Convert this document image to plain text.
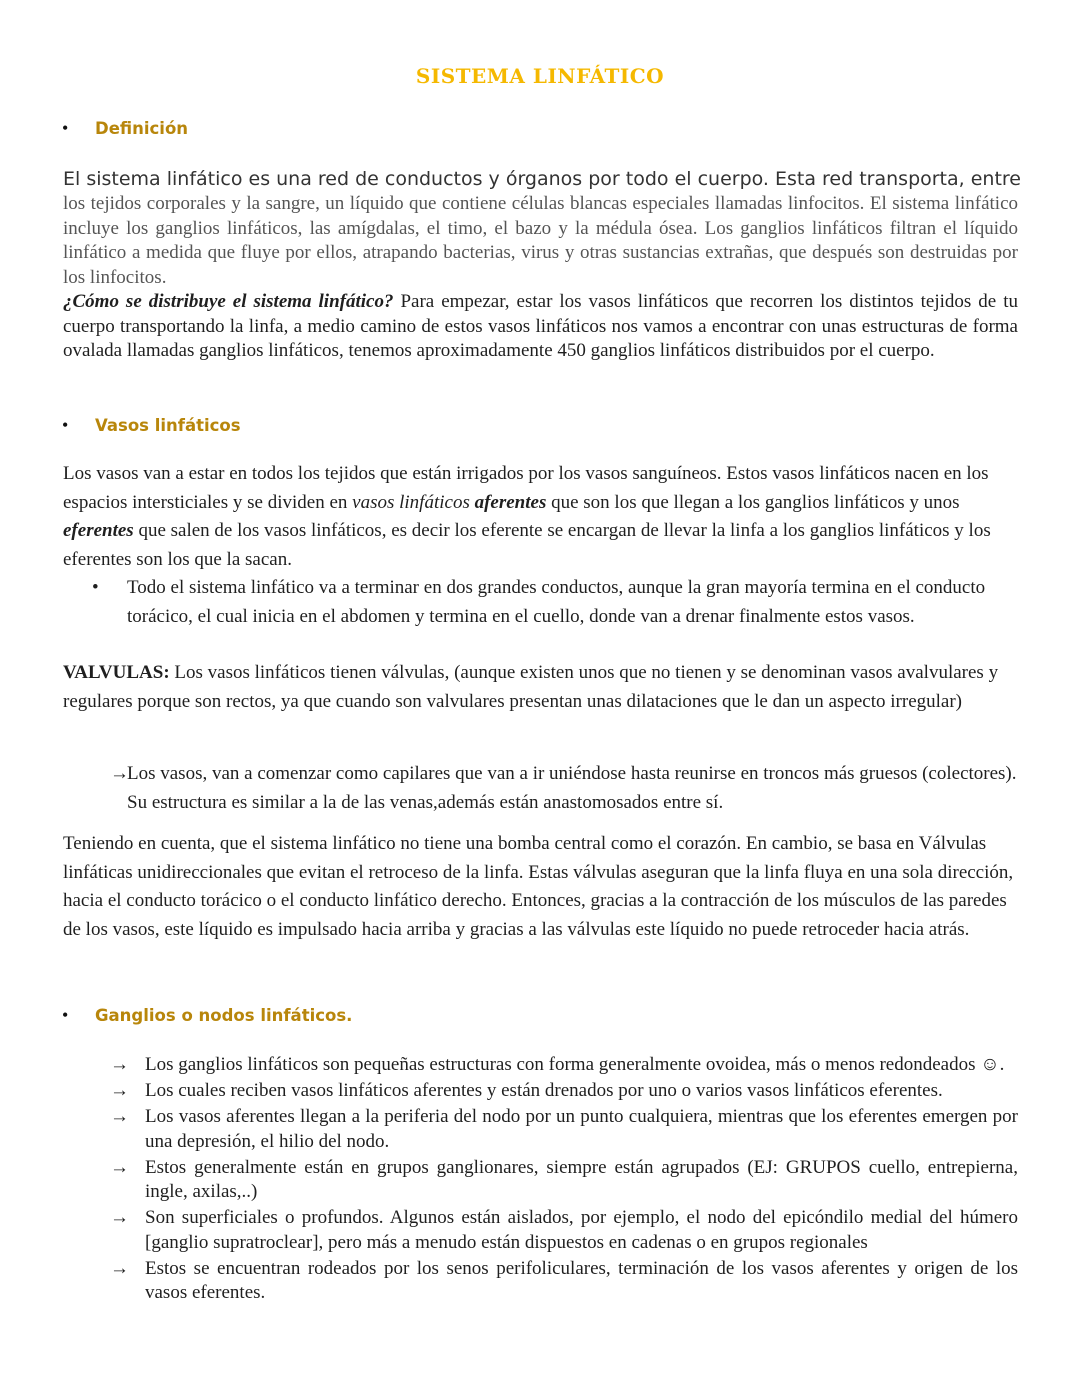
SISTEMA LINFÁTICO
•	Definición
El sistema linfático es una red de conductos y órganos por todo el cuerpo. Esta red transporta, entre
los tejidos corporales y la sangre, un líquido que contiene células blancas especiales llamadas linfocitos. El sistema linfático incluye los ganglios linfáticos, las amígdalas, el timo, el bazo y la médula ósea. Los ganglios linfáticos filtran el líquido linfático a medida que fluye por ellos, atrapando bacterias, virus y otras sustancias extrañas, que después son destruidas por los linfocitos.
¿Cómo se distribuye el sistema linfático? Para empezar, estar los vasos linfáticos que recorren los distintos tejidos de tu cuerpo transportando la linfa, a medio camino de estos vasos linfáticos nos vamos a encontrar con unas estructuras de forma ovalada llamadas ganglios linfáticos, tenemos aproximadamente 450 ganglios linfáticos distribuidos por el cuerpo.
•	Vasos linfáticos
Los vasos van a estar en todos los tejidos que están irrigados por los vasos sanguíneos. Estos vasos linfáticos nacen en los espacios intersticiales y se dividen en vasos linfáticos aferentes que son los que llegan a los ganglios linfáticos y unos eferentes que salen de los vasos linfáticos, es decir los eferente se encargan de llevar la linfa a los ganglios linfáticos y los eferentes son los que la sacan.
•	Todo el sistema linfático va a terminar en dos grandes conductos, aunque la gran mayoría termina en el conducto torácico, el cual inicia en el abdomen y termina en el cuello, donde van a drenar finalmente estos vasos.
VALVULAS: Los vasos linfáticos tienen válvulas, (aunque existen unos que no tienen y se denominan vasos avalvulares y regulares porque son rectos, ya que cuando son valvulares presentan unas dilataciones que le dan un aspecto irregular)
→
Los vasos, van a comenzar como capilares que van a ir uniéndose hasta reunirse en troncos más gruesos (colectores). Su estructura es similar a la de las venas,además están anastomosados entre sí.
Teniendo en cuenta, que el sistema linfático no tiene una bomba central como el corazón. En cambio, se basa en Válvulas linfáticas unidireccionales que evitan el retroceso de la linfa. Estas válvulas aseguran que la linfa fluya en una sola dirección, hacia el conducto torácico o el conducto linfático derecho. Entonces, gracias a la contracción de los músculos de las paredes de los vasos, este líquido es impulsado hacia arriba y gracias a las válvulas este líquido no puede retroceder hacia atrás.
•	Ganglios o nodos linfáticos.
→ Los ganglios linfáticos son pequeñas estructuras con forma generalmente ovoidea, más o menos redondeados ☺.
→ Los cuales reciben vasos linfáticos aferentes y están drenados por uno o varios vasos linfáticos eferentes.
→ Los vasos aferentes llegan a la periferia del nodo por un punto cualquiera, mientras que los eferentes emergen por una depresión, el hilio del nodo.
→ Estos generalmente están en grupos ganglionares, siempre están agrupados (EJ: GRUPOS cuello, entrepierna, ingle, axilas,..)
→ Son superficiales o profundos. Algunos están aislados, por ejemplo, el nodo del epicóndilo medial del húmero [ganglio supratroclear], pero más a menudo están dispuestos en cadenas o en grupos regionales
→ Estos se encuentran rodeados por los senos perifoliculares, terminación de los vasos aferentes y origen de los vasos eferentes.
